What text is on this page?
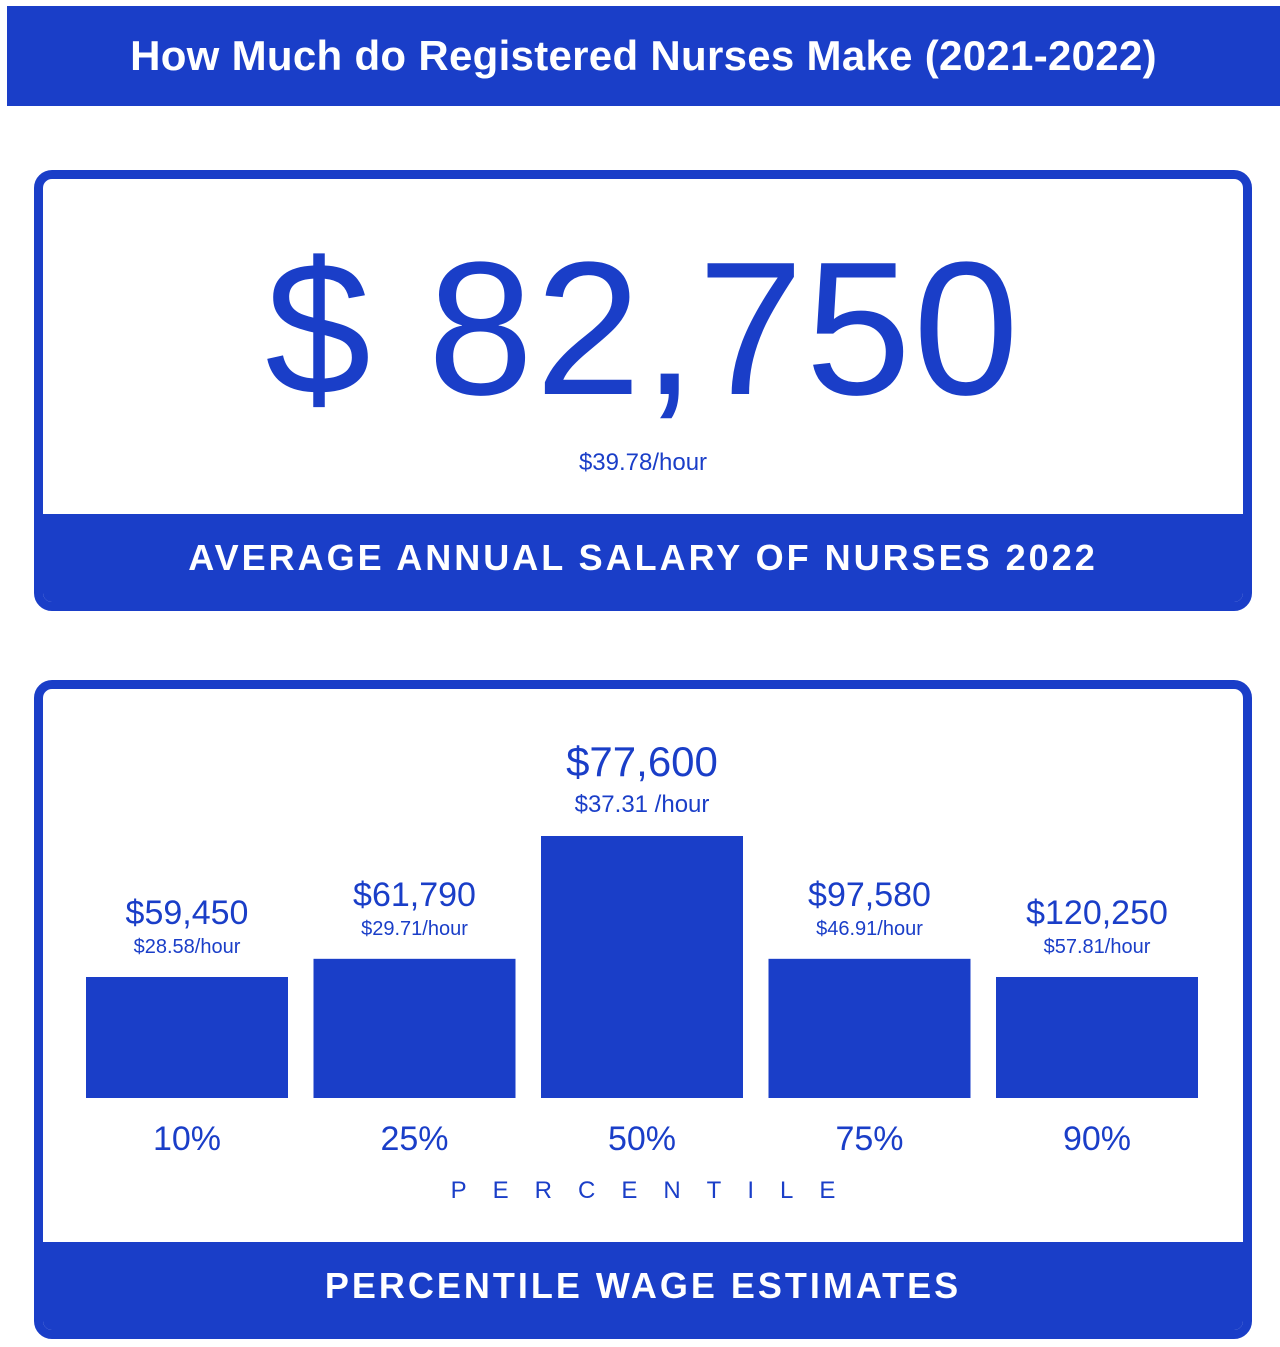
How Much do Registered Nurses Make (2021-2022)
$ 82,750
$39.78/hour
AVERAGE ANNUAL SALARY OF NURSES 2022
$59,450
$28.58/hour
10%
$61,790
$29.71/hour
25%
$77,600
$37.31 /hour
50%
$97,580
$46.91/hour
75%
$120,250
$57.81/hour
90%
PERCENTILE
PERCENTILE WAGE ESTIMATES
